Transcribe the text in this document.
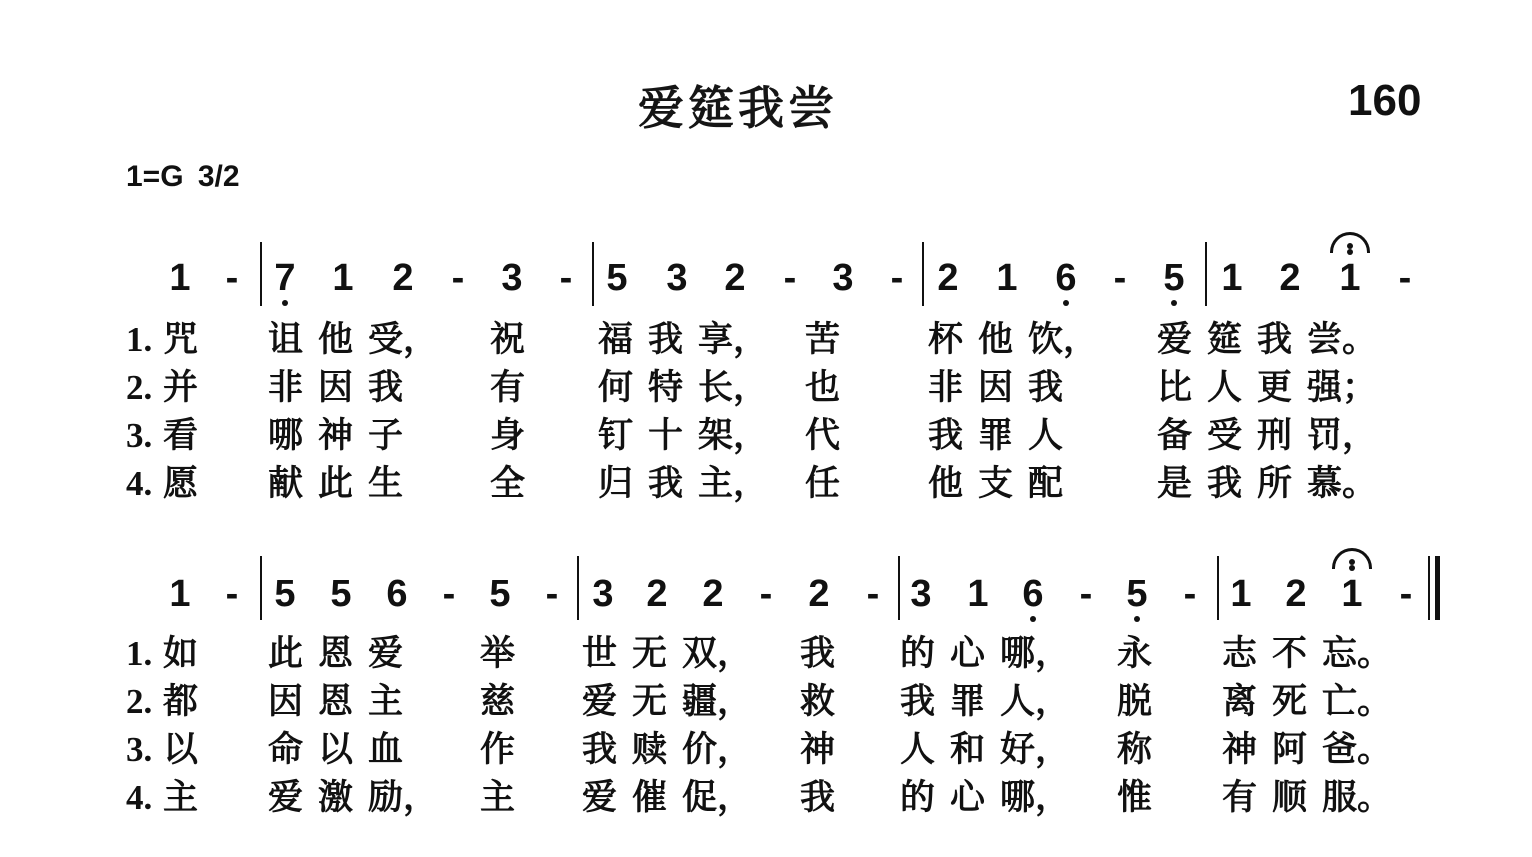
爱筵我尝	160
1=G 3/2
1 - 7 1 2	- 3 - 5 3 2	- 3 - 2 1 6 - 5 1 2 1	-
1. 咒 诅 他 受， 祝 福 我 享， 苦	杯 他 饮， 爱 筵 我 尝。
2. 并 非 因 我 有 何 特 长， 也	非 因 我	比 人 更 强；
3. 看 哪 神 子 身 钉 十 架， 代	我 罪 人	备 受 刑 罚，
4. 愿 献 此 生 全 归 我 主， 任	他 支 配	是 我 所 慕。
1 - 5 5 6 - 5 - 3 2 2 - 2 - 3 1 6 - 5 - 1 2 1 -
1. 如 此 恩 爱 举 世 无 双， 我 的 心 哪， 永 志 不 忘。
2. 都 因 恩 主 慈 爱 无 疆， 救 我 罪 人， 脱 离 死 亡。
3. 以 命 以 血 作 我 赎 价， 神 人 和 好， 称 神 阿 爸。
4. 主 爱 激 励， 主 爱 催 促， 我 的 心 哪， 惟 有 顺 服。
